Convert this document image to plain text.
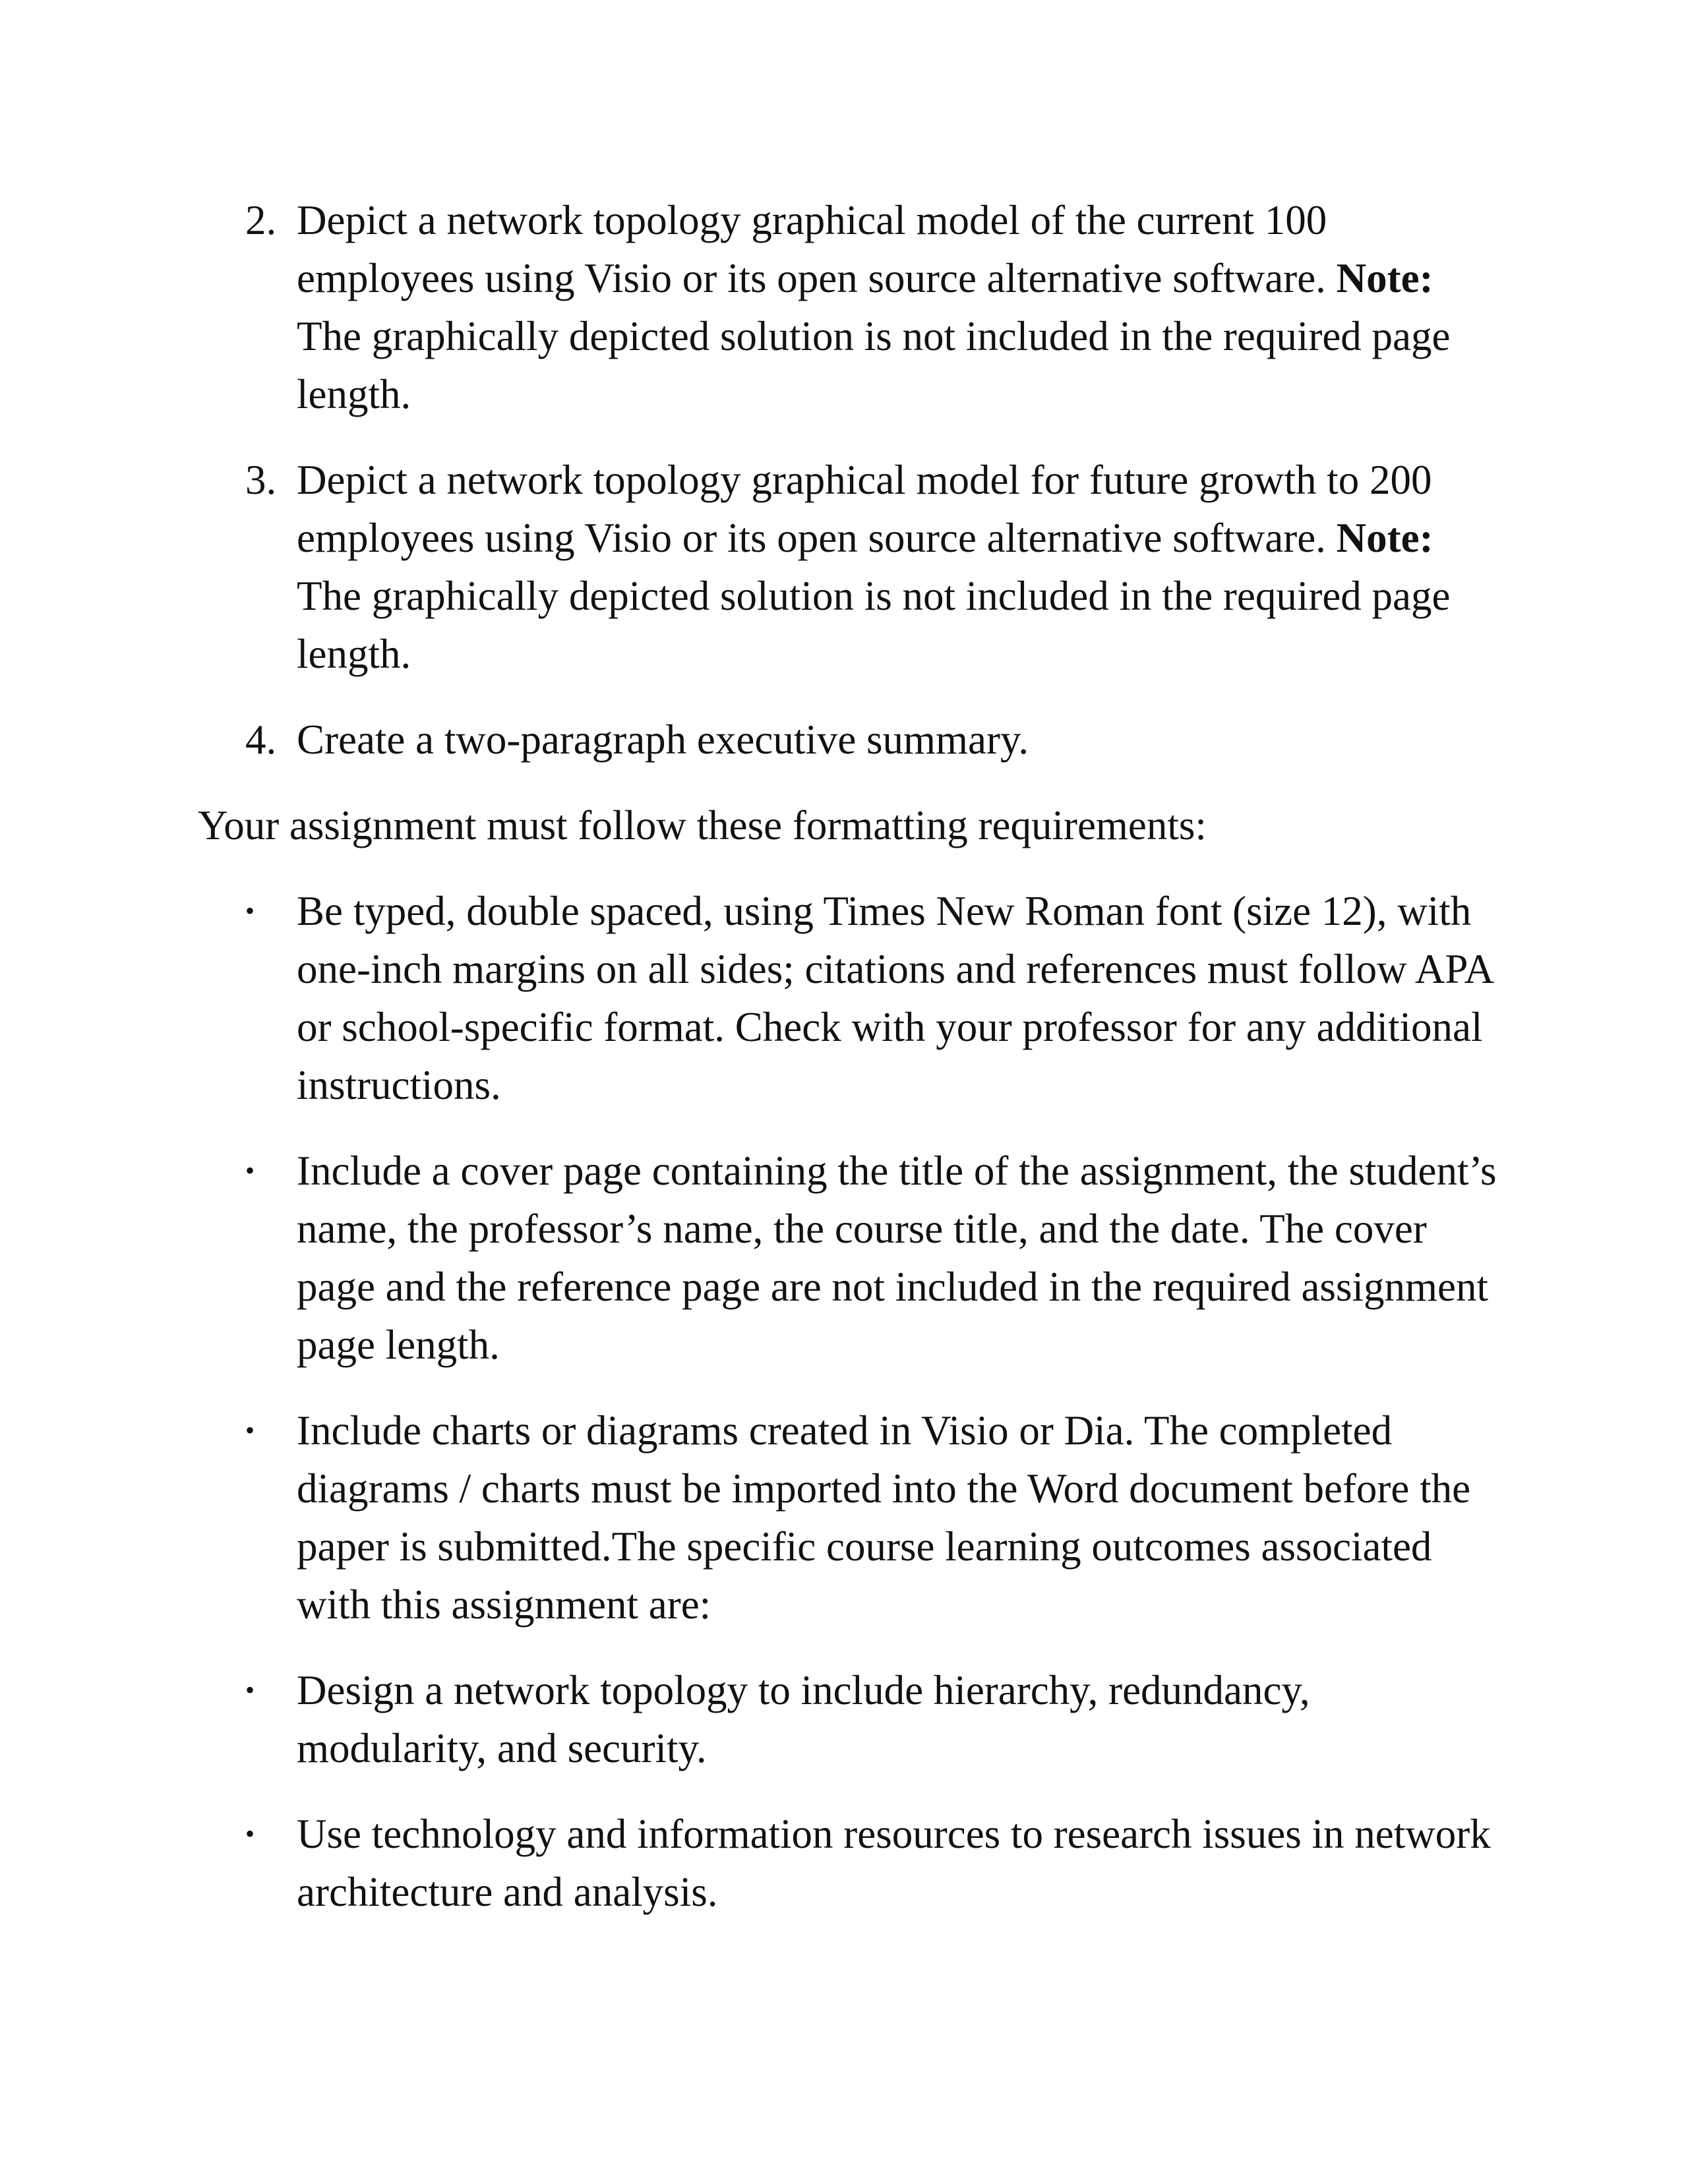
2. Depict a network topology graphical model of the current 100 employees using Visio or its open source alternative software. Note: The graphically depicted solution is not included in the required page length.
3. Depict a network topology graphical model for future growth to 200 employees using Visio or its open source alternative software. Note: The graphically depicted solution is not included in the required page length.
4. Create a two-paragraph executive summary.

Your assignment must follow these formatting requirements:

• Be typed, double spaced, using Times New Roman font (size 12), with one-inch margins on all sides; citations and references must follow APA or school-specific format. Check with your professor for any additional instructions.
• Include a cover page containing the title of the assignment, the student’s name, the professor’s name, the course title, and the date. The cover page and the reference page are not included in the required assignment page length.
• Include charts or diagrams created in Visio or Dia. The completed diagrams / charts must be imported into the Word document before the paper is submitted.The specific course learning outcomes associated with this assignment are:
• Design a network topology to include hierarchy, redundancy, modularity, and security.
• Use technology and information resources to research issues in network architecture and analysis.
